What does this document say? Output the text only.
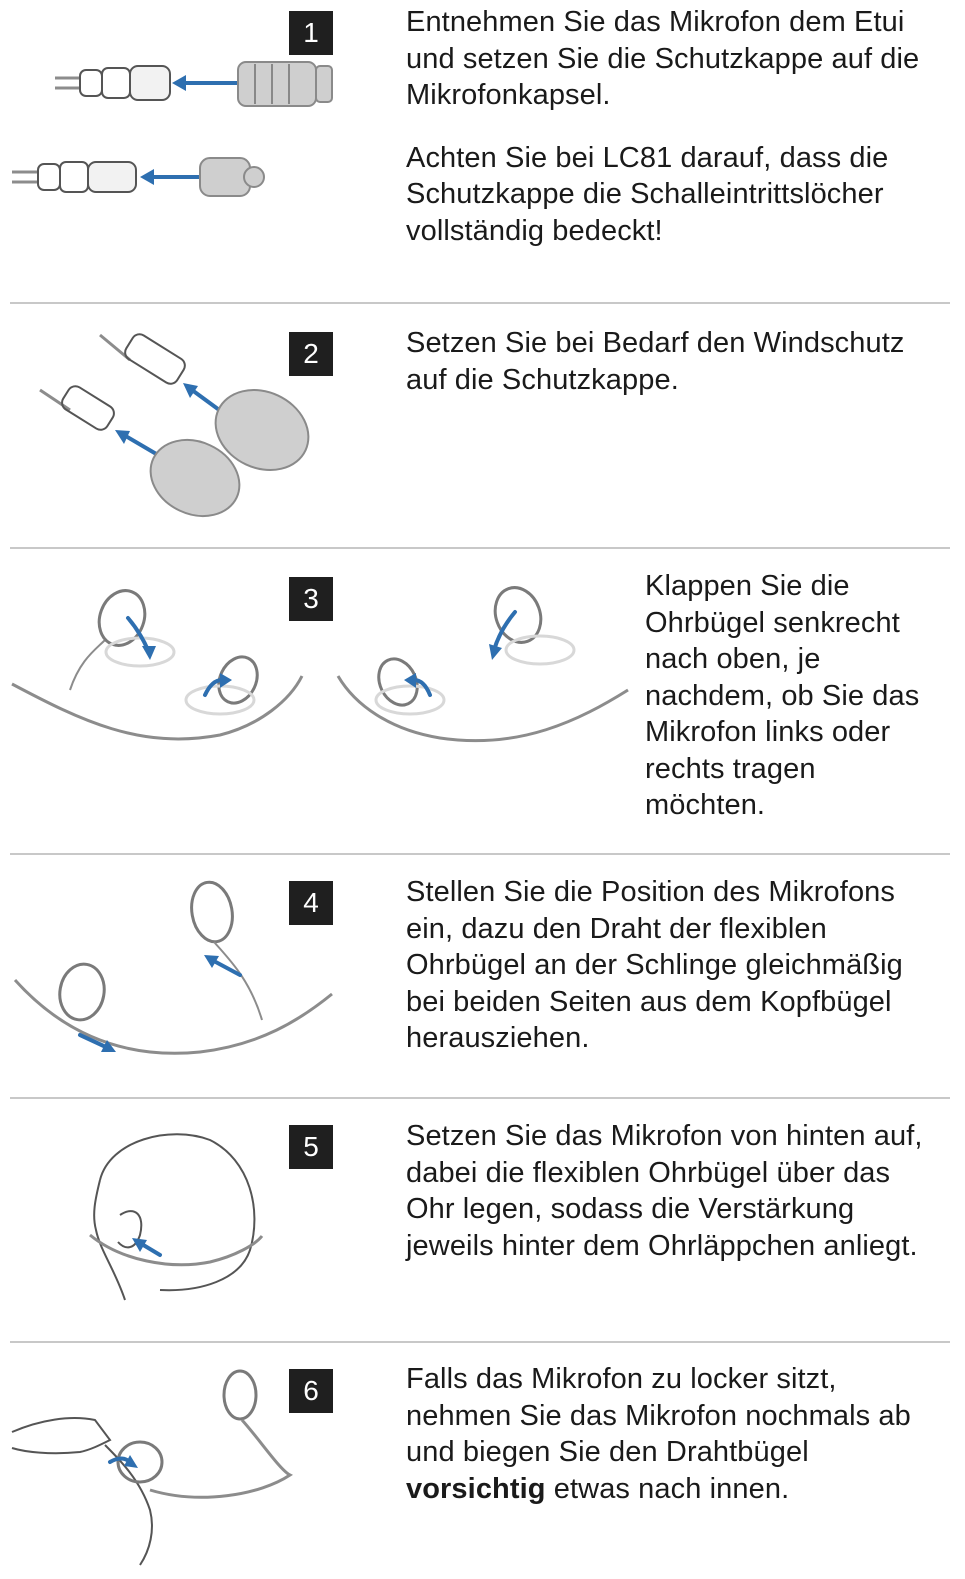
1	Entnehmen Sie das Mikrofon dem Etui und setzen Sie die Schutzkappe auf die Mikrofonkapsel.
Achten Sie bei LC81 darauf, dass die Schutzkappe die Schalleintrittslöcher vollständig bedeckt!
2	Setzen Sie bei Bedarf den Windschutz auf die Schutzkappe.
3	Klappen Sie die Ohrbügel senkrecht nach oben, je nachdem, ob Sie das Mikrofon links oder rechts tragen möchten.
4	Stellen Sie die Position des Mikrofons ein, dazu den Draht der flexiblen Ohrbügel an der Schlinge gleichmäßig bei beiden Seiten aus dem Kopfbügel herausziehen.
5	Setzen Sie das Mikrofon von hinten auf, dabei die flexiblen Ohrbügel über das Ohr legen, sodass die Verstärkung jeweils hinter dem Ohrläppchen anliegt.
6	Falls das Mikrofon zu locker sitzt, nehmen Sie das Mikrofon nochmals ab und biegen Sie den Drahtbügel vorsichtig etwas nach innen.
